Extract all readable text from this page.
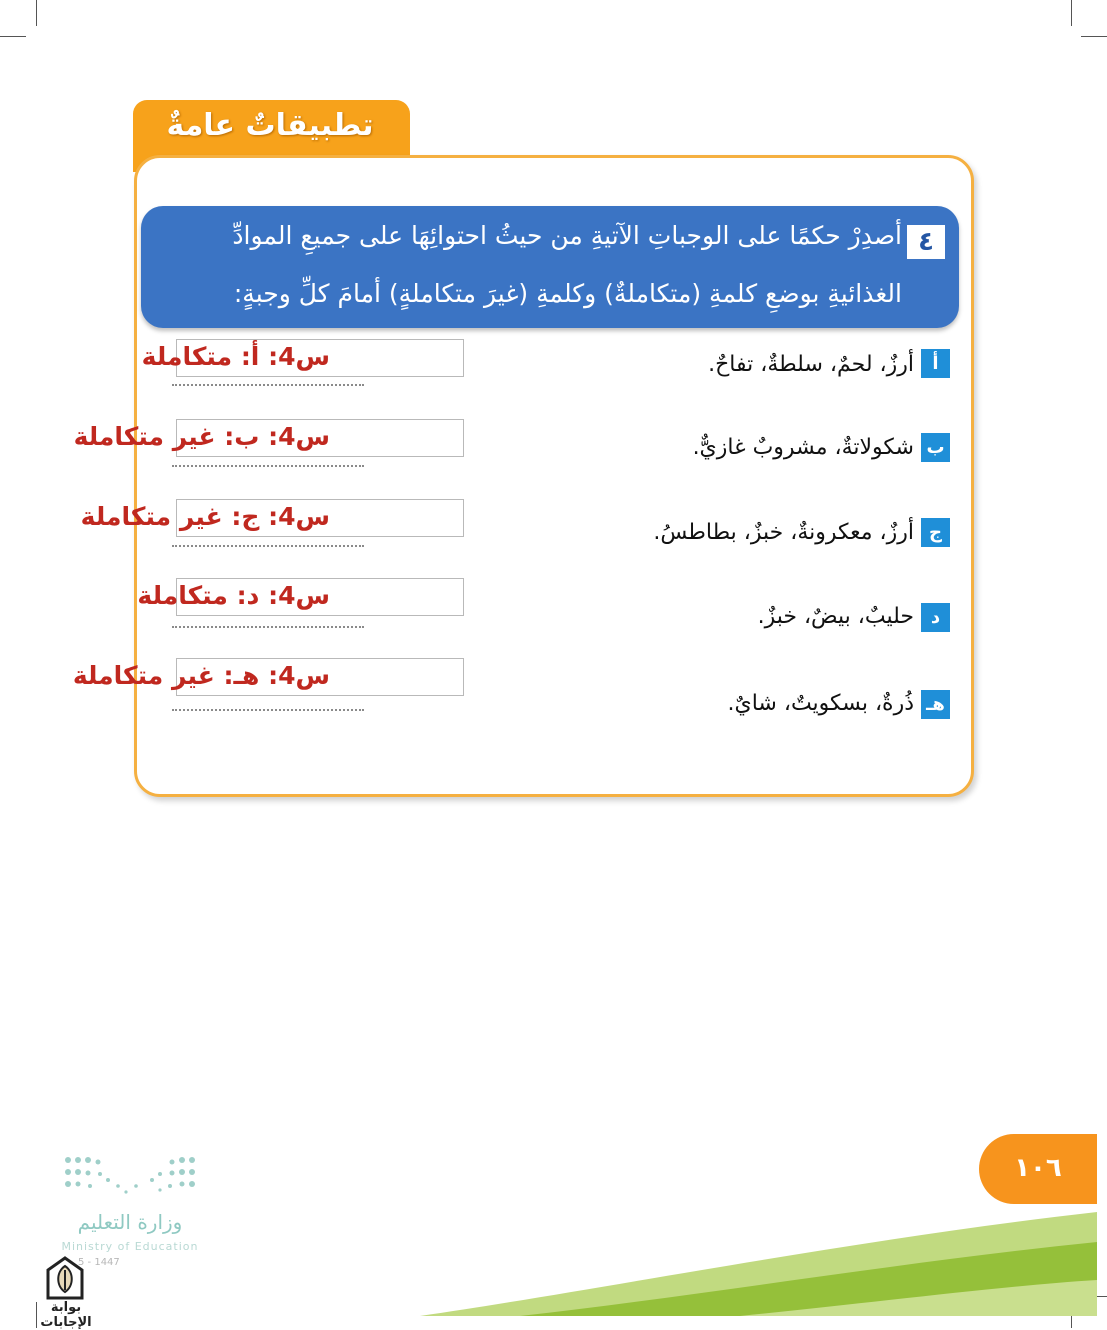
تطبيقاتٌ عامةٌ
٤
أصدِرْ حكمًا على الوجباتِ الآتيةِ من حيثُ احتوائِهَا على جميعِ الموادِّ
الغذائيةِ بوضعِ كلمةِ (متكاملةٌ) وكلمةِ (غيرَ متكاملةٍ) أمامَ كلِّ وجبةٍ:
أ
أرزٌ، لحمٌ، سلطةٌ، تفاحٌ.
س4: أ: متكاملة
ب
شكولاتةٌ، مشروبٌ غازيٌّ.
س4: ب: غير متكاملة
ج
أرزٌ، معكرونةٌ، خبزٌ، بطاطسُ.
س4: ج: غير متكاملة
د
حليبٌ، بيضٌ، خبزٌ.
س4: د: متكاملة
هـ
ذُرةٌ، بسكويتٌ، شايٌ.
س4: هـ: غير متكاملة
١٠٦
وزارة التعليم
Ministry of Education
5 - 1447
بوابة الإجابات
